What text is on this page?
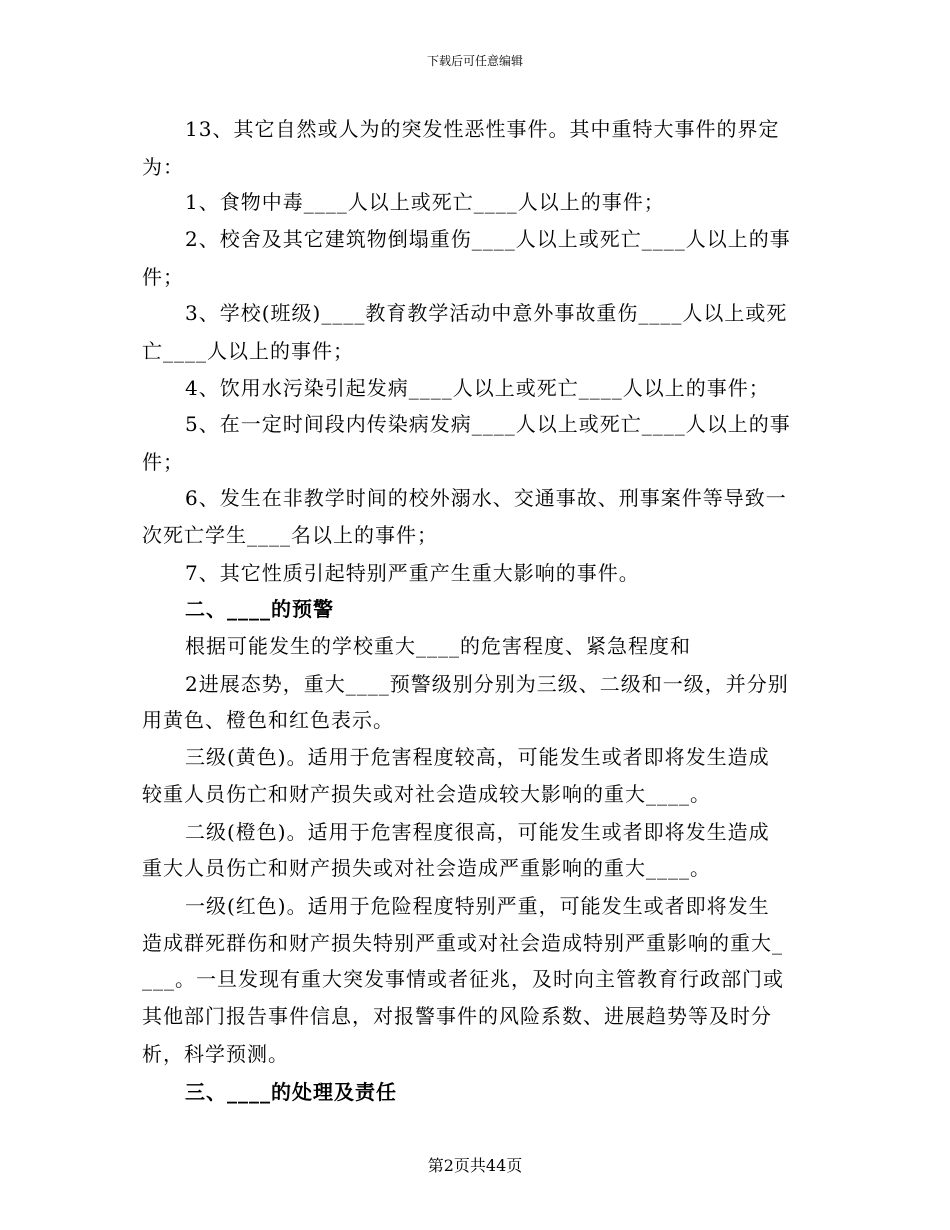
下载后可任意编辑
13、其它自然或人为的突发性恶性事件。其中重特大事件的界定
为：
1、食物中毒____人以上或死亡____人以上的事件；
2、校舍及其它建筑物倒塌重伤____人以上或死亡____人以上的事
件；
3、学校(班级)____教育教学活动中意外事故重伤____人以上或死
亡____人以上的事件；
4、饮用水污染引起发病____人以上或死亡____人以上的事件；
5、在一定时间段内传染病发病____人以上或死亡____人以上的事
件；
6、发生在非教学时间的校外溺水、交通事故、刑事案件等导致一
次死亡学生____名以上的事件；
7、其它性质引起特别严重产生重大影响的事件。
二、____的预警
根据可能发生的学校重大____的危害程度、紧急程度和
2进展态势，重大____预警级别分别为三级、二级和一级，并分别
用黄色、橙色和红色表示。
三级(黄色)。适用于危害程度较高，可能发生或者即将发生造成
较重人员伤亡和财产损失或对社会造成较大影响的重大____。
二级(橙色)。适用于危害程度很高，可能发生或者即将发生造成
重大人员伤亡和财产损失或对社会造成严重影响的重大____。
一级(红色)。适用于危险程度特别严重，可能发生或者即将发生
造成群死群伤和财产损失特别严重或对社会造成特别严重影响的重大_
___。一旦发现有重大突发事情或者征兆，及时向主管教育行政部门或
其他部门报告事件信息，对报警事件的风险系数、进展趋势等及时分
析，科学预测。
三、____的处理及责任
第2页共44页
